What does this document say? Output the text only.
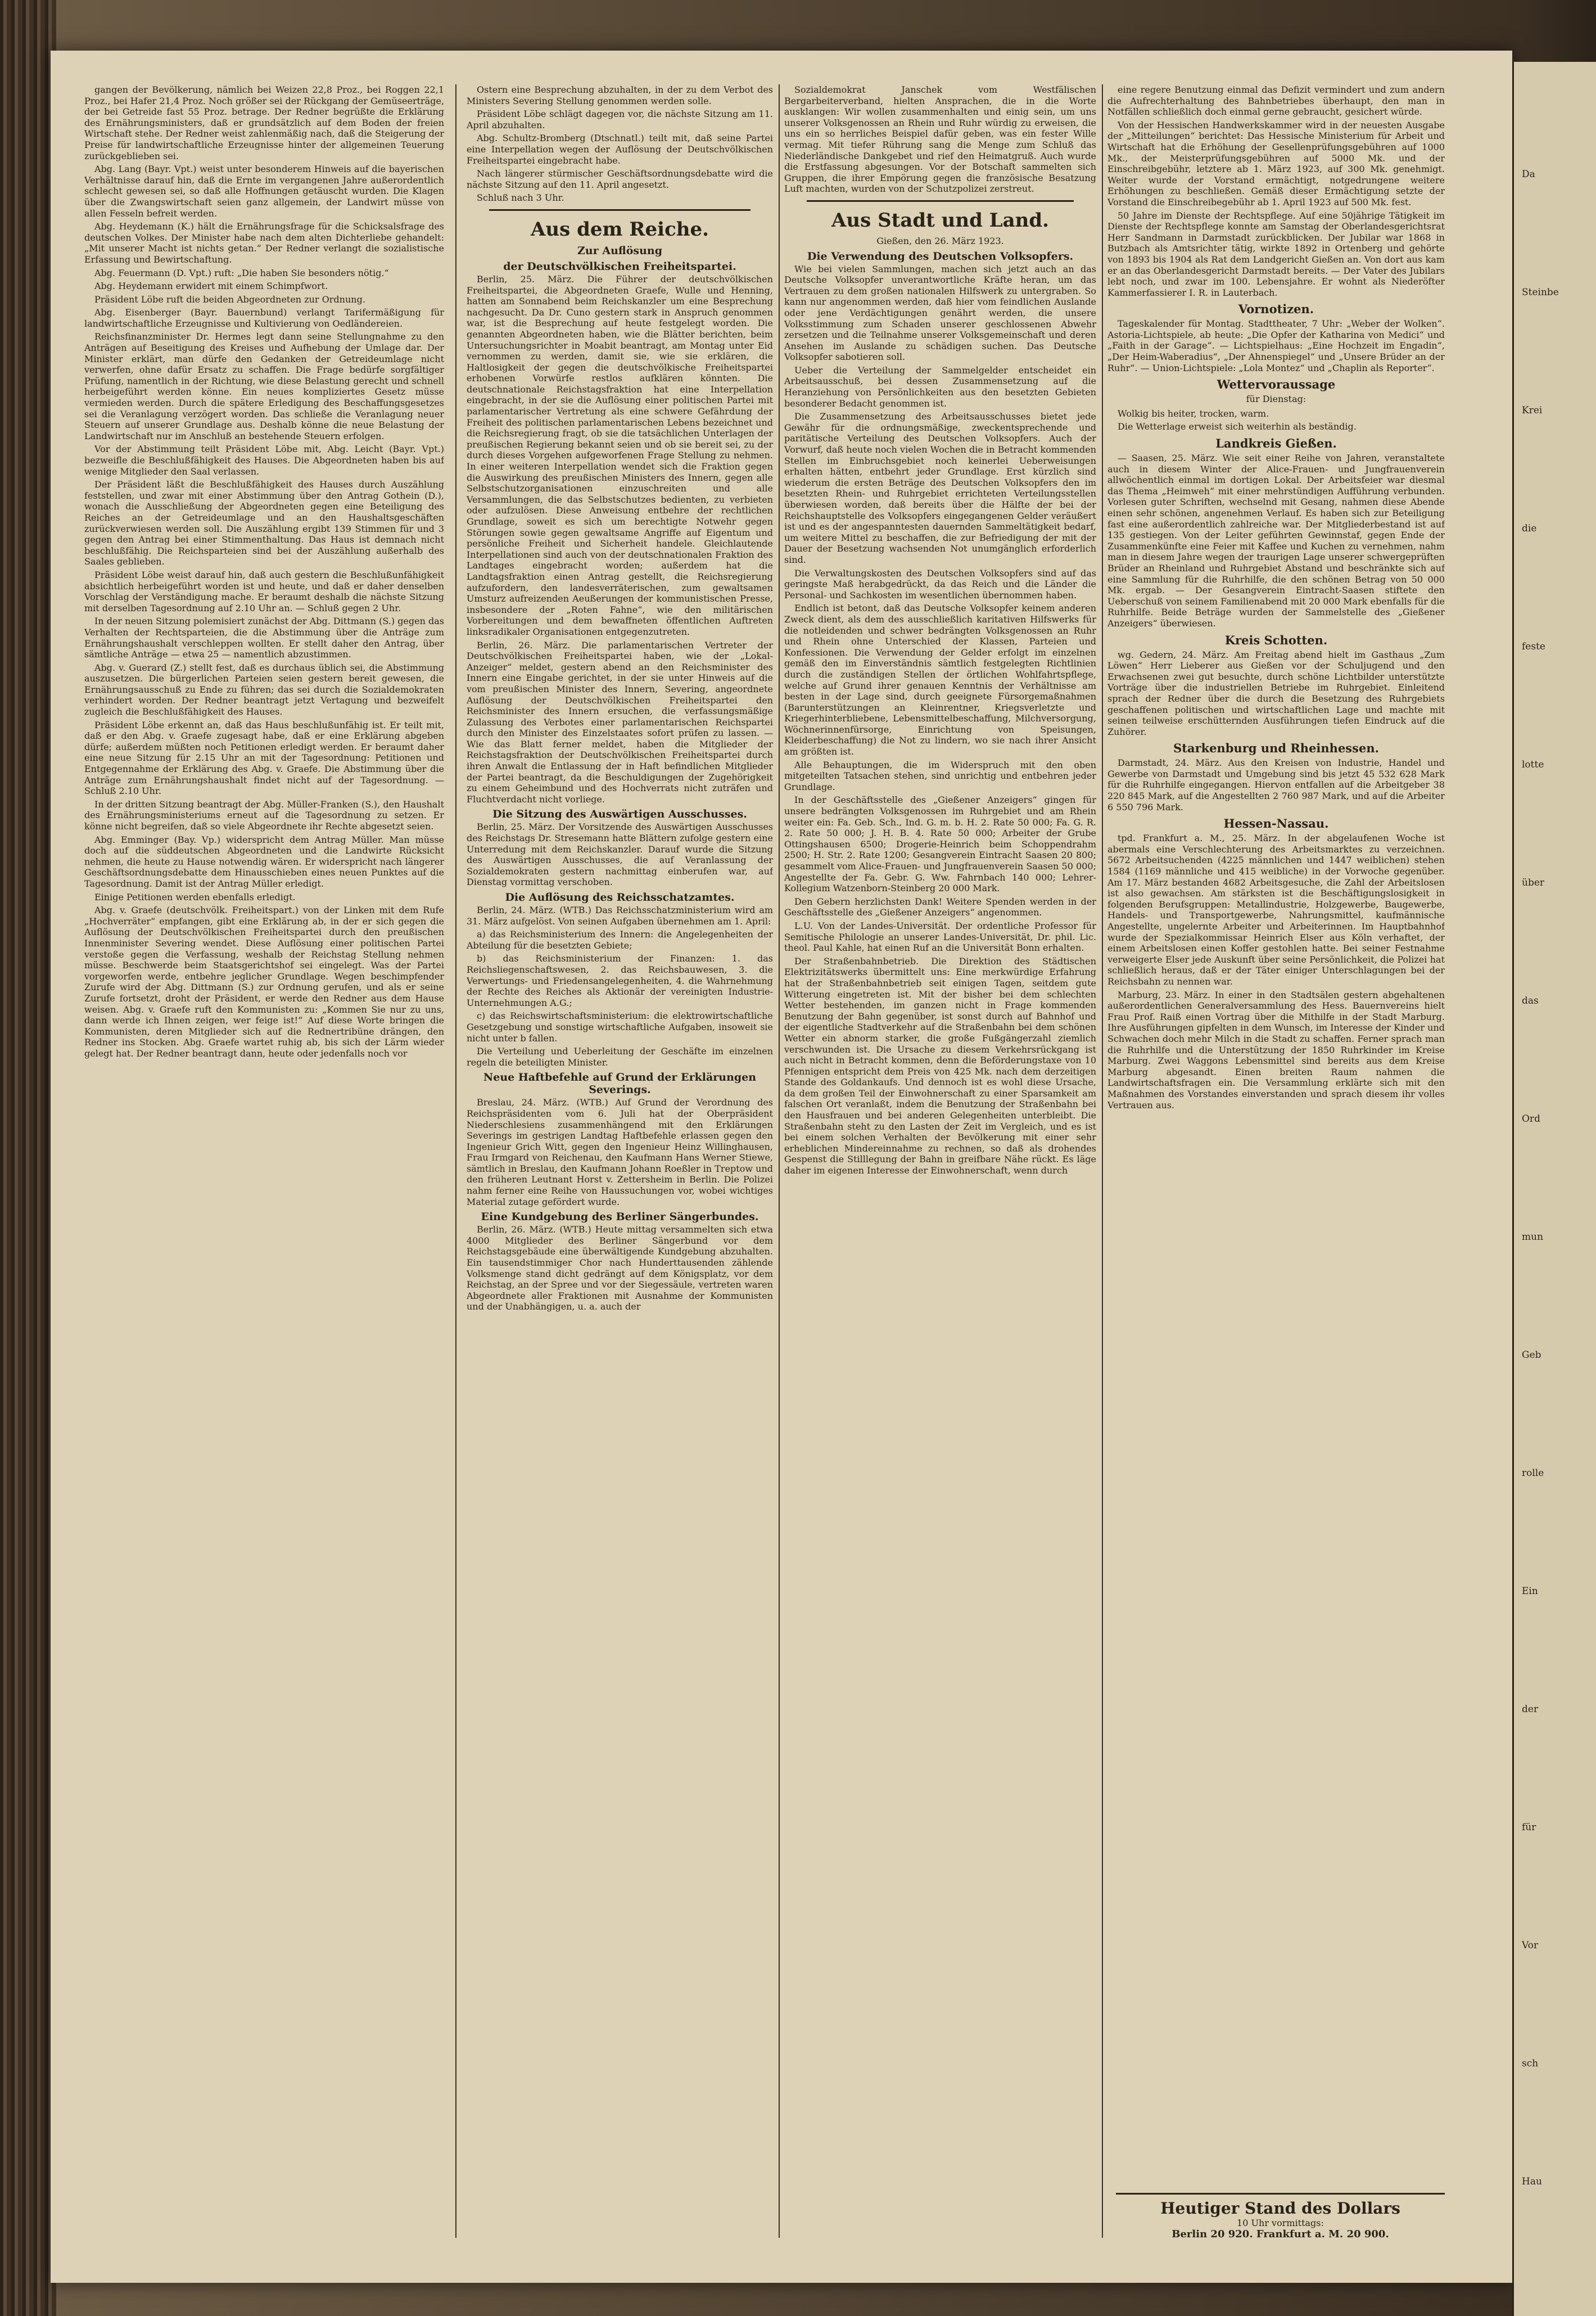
gangen der Bevölkerung, nämlich bei Weizen 22,8 Proz., bei Roggen 22,1 Proz., bei Hafer 21,4 Proz. Noch größer sei der Rückgang der Gemüseerträge, der bei Getreide fast 55 Proz. betrage. Der Redner begrüßte die Erklärung des Ernährungsministers, daß er grundsätzlich auf dem Boden der freien Wirtschaft stehe. Der Redner weist zahlenmäßig nach, daß die Steigerung der Preise für landwirtschaftliche Erzeugnisse hinter der allgemeinen Teuerung zurückgeblieben sei.

Abg. Lang (Bayr. Vpt.) weist unter besonderem Hinweis auf die bayerischen Verhältnisse darauf hin, daß die Ernte im vergangenen Jahre außerordentlich schlecht gewesen sei, so daß alle Hoffnungen getäuscht wurden. Die Klagen über die Zwangswirtschaft seien ganz allgemein, der Landwirt müsse von allen Fesseln befreit werden.

Abg. Heydemann (K.) hält die Ernährungsfrage für die Schicksalsfrage des deutschen Volkes. Der Minister habe nach dem alten Dichterliebe gehandelt: „Mit unserer Macht ist nichts getan.“ Der Redner verlangt die sozialistische Erfassung und Bewirtschaftung.

Abg. Feuermann (D. Vpt.) ruft: „Die haben Sie besonders nötig.“

Abg. Heydemann erwidert mit einem Schimpfwort.

Präsident Löbe ruft die beiden Abgeordneten zur Ordnung.

Abg. Eisenberger (Bayr. Bauernbund) verlangt Tarifermäßigung für landwirtschaftliche Erzeugnisse und Kultivierung von Oedländereien.

Reichsfinanzminister Dr. Hermes legt dann seine Stellungnahme zu den Anträgen auf Beseitigung des Kreises und Aufhebung der Umlage dar. Der Minister erklärt, man dürfe den Gedanken der Getreideumlage nicht verwerfen, ohne dafür Ersatz zu schaffen. Die Frage bedürfe sorgfältiger Prüfung, namentlich in der Richtung, wie diese Belastung gerecht und schnell herbeigeführt werden könne. Ein neues kompliziertes Gesetz müsse vermieden werden. Durch die spätere Erledigung des Beschaffungsgesetzes sei die Veranlagung verzögert worden. Das schließe die Veranlagung neuer Steuern auf unserer Grundlage aus. Deshalb könne die neue Belastung der Landwirtschaft nur im Anschluß an bestehende Steuern erfolgen.

Vor der Abstimmung teilt Präsident Löbe mit, Abg. Leicht (Bayr. Vpt.) bezweifle die Beschlußfähigkeit des Hauses. Die Abgeordneten haben bis auf wenige Mitglieder den Saal verlassen.

Der Präsident läßt die Beschlußfähigkeit des Hauses durch Auszählung feststellen, und zwar mit einer Abstimmung über den Antrag Gothein (D.), wonach die Ausschließung der Abgeordneten gegen eine Beteiligung des Reiches an der Getreideumlage und an den Haushaltsgeschäften zurückverwiesen werden soll. Die Auszählung ergibt 139 Stimmen für und 3 gegen den Antrag bei einer Stimmenthaltung. Das Haus ist demnach nicht beschlußfähig. Die Reichsparteien sind bei der Auszählung außerhalb des Saales geblieben.

Präsident Löbe weist darauf hin, daß auch gestern die Beschlußunfähigkeit absichtlich herbeigeführt worden ist und heute, und daß er daher denselben Vorschlag der Verständigung mache. Er beraumt deshalb die nächste Sitzung mit derselben Tagesordnung auf 2.10 Uhr an. — Schluß gegen 2 Uhr.

In der neuen Sitzung polemisiert zunächst der Abg. Dittmann (S.) gegen das Verhalten der Rechtsparteien, die die Abstimmung über die Anträge zum Ernährungshaushalt verschleppen wollten. Er stellt daher den Antrag, über sämtliche Anträge — etwa 25 — namentlich abzustimmen.

Abg. v. Guerard (Z.) stellt fest, daß es durchaus üblich sei, die Abstimmung auszusetzen. Die bürgerlichen Parteien seien gestern bereit gewesen, die Ernährungsausschuß zu Ende zu führen; das sei durch die Sozialdemokraten verhindert worden. Der Redner beantragt jetzt Vertagung und bezweifelt zugleich die Beschlußfähigkeit des Hauses.

Präsident Löbe erkennt an, daß das Haus beschlußunfähig ist. Er teilt mit, daß er den Abg. v. Graefe zugesagt habe, daß er eine Erklärung abgeben dürfe; außerdem müßten noch Petitionen erledigt werden. Er beraumt daher eine neue Sitzung für 2.15 Uhr an mit der Tagesordnung: Petitionen und Entgegennahme der Erklärung des Abg. v. Graefe. Die Abstimmung über die Anträge zum Ernährungshaushalt findet nicht auf der Tagesordnung. — Schluß 2.10 Uhr.

In der dritten Sitzung beantragt der Abg. Müller-Franken (S.), den Haushalt des Ernährungsministeriums erneut auf die Tagesordnung zu setzen. Er könne nicht begreifen, daß so viele Abgeordnete ihr Rechte abgesetzt seien.

Abg. Emminger (Bay. Vp.) widerspricht dem Antrag Müller. Man müsse doch auf die süddeutschen Abgeordneten und die Landwirte Rücksicht nehmen, die heute zu Hause notwendig wären. Er widerspricht nach längerer Geschäftsordnungsdebatte dem Hinausschieben eines neuen Punktes auf die Tagesordnung. Damit ist der Antrag Müller erledigt.

Einige Petitionen werden ebenfalls erledigt.

Abg. v. Graefe (deutschvölk. Freiheitspart.) von der Linken mit dem Rufe „Hochverräter“ empfangen, gibt eine Erklärung ab, in der er sich gegen die Auflösung der Deutschvölkischen Freiheitspartei durch den preußischen Innenminister Severing wendet. Diese Auflösung einer politischen Partei verstoße gegen die Verfassung, weshalb der Reichstag Stellung nehmen müsse. Beschwerde beim Staatsgerichtshof sei eingelegt. Was der Partei vorgeworfen werde, entbehre jeglicher Grundlage. Wegen beschimpfender Zurufe wird der Abg. Dittmann (S.) zur Ordnung gerufen, und als er seine Zurufe fortsetzt, droht der Präsident, er werde den Redner aus dem Hause weisen. Abg. v. Graefe ruft den Kommunisten zu: „Kommen Sie nur zu uns, dann werde ich Ihnen zeigen, wer feige ist!“ Auf diese Worte bringen die Kommunisten, deren Mitglieder sich auf die Rednertribüne drängen, den Redner ins Stocken. Abg. Graefe wartet ruhig ab, bis sich der Lärm wieder gelegt hat. Der Redner beantragt dann, heute oder jedenfalls noch vor

Ostern eine Besprechung abzuhalten, in der zu dem Verbot des Ministers Severing Stellung genommen werden solle.

Präsident Löbe schlägt dagegen vor, die nächste Sitzung am 11. April abzuhalten.

Abg. Schultz-Bromberg (Dtschnatl.) teilt mit, daß seine Partei eine Interpellation wegen der Auflösung der Deutschvölkischen Freiheitspartei eingebracht habe.

Nach längerer stürmischer Geschäftsordnungsdebatte wird die nächste Sitzung auf den 11. April angesetzt.

Schluß nach 3 Uhr.

Aus dem Reiche.
Zur Auflösung
der Deutschvölkischen Freiheitspartei.

Berlin, 25. März. Die Führer der deutschvölkischen Freiheitspartei, die Abgeordneten Graefe, Wulle und Henning, hatten am Sonnabend beim Reichskanzler um eine Besprechung nachgesucht. Da Dr. Cuno gestern stark in Anspruch genommen war, ist die Besprechung auf heute festgelegt worden. Die genannten Abgeordneten haben, wie die Blätter berichten, beim Untersuchungsrichter in Moabit beantragt, am Montag unter Eid vernommen zu werden, damit sie, wie sie erklären, die Haltlosigkeit der gegen die deutschvölkische Freiheitspartei erhobenen Vorwürfe restlos aufklären könnten. Die deutschnationale Reichstagsfraktion hat eine Interpellation eingebracht, in der sie die Auflösung einer politischen Partei mit parlamentarischer Vertretung als eine schwere Gefährdung der Freiheit des politischen parlamentarischen Lebens bezeichnet und die Reichsregierung fragt, ob sie die tatsächlichen Unterlagen der preußischen Regierung bekannt seien und ob sie bereit sei, zu der durch dieses Vorgehen aufgeworfenen Frage Stellung zu nehmen. In einer weiteren Interpellation wendet sich die Fraktion gegen die Auswirkung des preußischen Ministers des Innern, gegen alle Selbstschutzorganisationen einzuschreiten und alle Versammlungen, die das Selbstschutzes bedienten, zu verbieten oder aufzulösen. Diese Anweisung entbehre der rechtlichen Grundlage, soweit es sich um berechtigte Notwehr gegen Störungen sowie gegen gewaltsame Angriffe auf Eigentum und persönliche Freiheit und Sicherheit handele. Gleichlautende Interpellationen sind auch von der deutschnationalen Fraktion des Landtages eingebracht worden; außerdem hat die Landtagsfraktion einen Antrag gestellt, die Reichsregierung aufzufordern, den landesverräterischen, zum gewaltsamen Umsturz aufreizenden Aeußerungen der kommunistischen Presse, insbesondere der „Roten Fahne“, wie den militärischen Vorbereitungen und dem bewaffneten öffentlichen Auftreten linksradikaler Organisationen entgegenzutreten.

Berlin, 26. März. Die parlamentarischen Vertreter der Deutschvölkischen Freiheitspartei haben, wie der „Lokal-Anzeiger“ meldet, gestern abend an den Reichsminister des Innern eine Eingabe gerichtet, in der sie unter Hinweis auf die vom preußischen Minister des Innern, Severing, angeordnete Auflösung der Deutschvölkischen Freiheitspartei den Reichsminister des Innern ersuchen, die verfassungsmäßige Zulassung des Verbotes einer parlamentarischen Reichspartei durch den Minister des Einzelstaates sofort prüfen zu lassen. — Wie das Blatt ferner meldet, haben die Mitglieder der Reichstagsfraktion der Deutschvölkischen Freiheitspartei durch ihren Anwalt die Entlassung der in Haft befindlichen Mitglieder der Partei beantragt, da die Beschuldigungen der Zugehörigkeit zu einem Geheimbund und des Hochverrats nicht zuträfen und Fluchtverdacht nicht vorliege.

Die Sitzung des Auswärtigen Ausschusses.

Berlin, 25. März. Der Vorsitzende des Auswärtigen Ausschusses des Reichstags Dr. Stresemann hatte Blättern zufolge gestern eine Unterredung mit dem Reichskanzler. Darauf wurde die Sitzung des Auswärtigen Ausschusses, die auf Veranlassung der Sozialdemokraten gestern nachmittag einberufen war, auf Dienstag vormittag verschoben.

Die Auflösung des Reichsschatzamtes.

Berlin, 24. März. (WTB.) Das Reichsschatzministerium wird am 31. März aufgelöst. Von seinen Aufgaben übernehmen am 1. April:

a) das Reichsministerium des Innern: die Angelegenheiten der Abteilung für die besetzten Gebiete;

b) das Reichsministerium der Finanzen: 1. das Reichsliegenschaftswesen, 2. das Reichsbauwesen, 3. die Verwertungs- und Friedensangelegenheiten, 4. die Wahrnehmung der Rechte des Reiches als Aktionär der vereinigten Industrie-Unternehmungen A.G.;

c) das Reichswirtschaftsministerium: die elektrowirtschaftliche Gesetzgebung und sonstige wirtschaftliche Aufgaben, insoweit sie nicht unter b fallen.

Die Verteilung und Ueberleitung der Geschäfte im einzelnen regeln die beteiligten Minister.

Neue Haftbefehle auf Grund der Erklärungen Severings.

Breslau, 24. März. (WTB.) Auf Grund der Verordnung des Reichspräsidenten vom 6. Juli hat der Oberpräsident Niederschlesiens zusammenhängend mit den Erklärungen Severings im gestrigen Landtag Haftbefehle erlassen gegen den Ingenieur Grich Witt, gegen den Ingenieur Heinz Willinghausen, Frau Irmgard von Reichenau, den Kaufmann Hans Werner Stiewe, sämtlich in Breslau, den Kaufmann Johann Roeßler in Treptow und den früheren Leutnant Horst v. Zettersheim in Berlin. Die Polizei nahm ferner eine Reihe von Haussuchungen vor, wobei wichtiges Material zutage gefördert wurde.

Eine Kundgebung des Berliner Sängerbundes.

Berlin, 26. März. (WTB.) Heute mittag versammelten sich etwa 4000 Mitglieder des Berliner Sängerbund vor dem Reichstagsgebäude eine überwältigende Kundgebung abzuhalten. Ein tausendstimmiger Chor nach Hunderttausenden zählende Volksmenge stand dicht gedrängt auf dem Königsplatz, vor dem Reichstag, an der Spree und vor der Siegessäule, vertreten waren Abgeordnete aller Fraktionen mit Ausnahme der Kommunisten und der Unabhängigen, u. a. auch der

Sozialdemokrat Janschek vom Westfälischen Bergarbeiterverband, hielten Ansprachen, die in die Worte ausklangen: Wir wollen zusammenhalten und einig sein, um uns unserer Volksgenossen an Rhein und Ruhr würdig zu erweisen, die uns ein so herrliches Beispiel dafür geben, was ein fester Wille vermag. Mit tiefer Rührung sang die Menge zum Schluß das Niederländische Dankgebet und rief den Heimatgruß. Auch wurde die Erstfassung abgesungen. Vor der Botschaft sammelten sich Gruppen, die ihrer Empörung gegen die französische Besatzung Luft machten, wurden von der Schutzpolizei zerstreut.

Aus Stadt und Land.
Gießen, den 26. März 1923.
Die Verwendung des Deutschen Volksopfers.

Wie bei vielen Sammlungen, machen sich jetzt auch an das Deutsche Volksopfer unverantwortliche Kräfte heran, um das Vertrauen zu dem großen nationalen Hilfswerk zu untergraben. So kann nur angenommen werden, daß hier vom feindlichen Auslande oder jene Verdächtigungen genährt werden, die unsere Volksstimmung zum Schaden unserer geschlossenen Abwehr zersetzen und die Teilnahme unserer Volksgemeinschaft und deren Ansehen im Auslande zu schädigen suchen. Das Deutsche Volksopfer sabotieren soll.

Ueber die Verteilung der Sammelgelder entscheidet ein Arbeitsausschuß, bei dessen Zusammensetzung auf die Heranziehung von Persönlichkeiten aus den besetzten Gebieten besonderer Bedacht genommen ist.

Die Zusammensetzung des Arbeitsausschusses bietet jede Gewähr für die ordnungsmäßige, zweckentsprechende und paritätische Verteilung des Deutschen Volksopfers. Auch der Vorwurf, daß heute noch vielen Wochen die in Betracht kommenden Stellen im Einbruchsgebiet noch keinerlei Ueberweisungen erhalten hätten, entbehrt jeder Grundlage. Erst kürzlich sind wiederum die ersten Beträge des Deutschen Volksopfers den im besetzten Rhein- und Ruhrgebiet errichteten Verteilungsstellen überwiesen worden, daß bereits über die Hälfte der bei der Reichshauptstelle des Volksopfers eingegangenen Gelder veräußert ist und es der angespanntesten dauernden Sammeltätigkeit bedarf, um weitere Mittel zu beschaffen, die zur Befriedigung der mit der Dauer der Besetzung wachsenden Not unumgänglich erforderlich sind.

Die Verwaltungskosten des Deutschen Volksopfers sind auf das geringste Maß herabgedrückt, da das Reich und die Länder die Personal- und Sachkosten im wesentlichen übernommen haben.

Endlich ist betont, daß das Deutsche Volksopfer keinem anderen Zweck dient, als dem des ausschließlich karitativen Hilfswerks für die notleidenden und schwer bedrängten Volksgenossen an Ruhr und Rhein ohne Unterschied der Klassen, Parteien und Konfessionen. Die Verwendung der Gelder erfolgt im einzelnen gemäß den im Einverständnis sämtlich festgelegten Richtlinien durch die zuständigen Stellen der örtlichen Wohlfahrtspflege, welche auf Grund ihrer genauen Kenntnis der Verhältnisse am besten in der Lage sind, durch geeignete Fürsorgemaßnahmen (Barunterstützungen an Kleinrentner, Kriegsverletzte und Kriegerhinterbliebene, Lebensmittelbeschaffung, Milchversorgung, Wöchnerinnenfürsorge, Einrichtung von Speisungen, Kleiderbeschaffung) die Not zu lindern, wo sie nach ihrer Ansicht am größten ist.

Alle Behauptungen, die im Widerspruch mit den oben mitgeteilten Tatsachen stehen, sind unrichtig und entbehren jeder Grundlage.

In der Geschäftsstelle des „Gießener Anzeigers“ gingen für unsere bedrängten Volksgenossen im Ruhrgebiet und am Rhein weiter ein: Fa. Geb. Sch., Ind. G. m. b. H. 2. Rate 50 000; Fa. G. R. 2. Rate 50 000; J. H. B. 4. Rate 50 000; Arbeiter der Grube Ottingshausen 6500; Drogerie-Heinrich beim Schoppendrahm 2500; H. Str. 2. Rate 1200; Gesangverein Eintracht Saasen 20 800; gesammelt vom Alice-Frauen- und Jungfrauenverein Saasen 50 000; Angestellte der Fa. Gebr. G. Ww. Fahrnbach 140 000; Lehrer-Kollegium Watzenborn-Steinberg 20 000 Mark.

Den Gebern herzlichsten Dank! Weitere Spenden werden in der Geschäftsstelle des „Gießener Anzeigers“ angenommen.

L.U. Von der Landes-Universität. Der ordentliche Professor für Semitische Philologie an unserer Landes-Universität, Dr. phil. Lic. theol. Paul Kahle, hat einen Ruf an die Universität Bonn erhalten.

Der Straßenbahnbetrieb. Die Direktion des Städtischen Elektrizitätswerks übermittelt uns: Eine merkwürdige Erfahrung hat der Straßenbahnbetrieb seit einigen Tagen, seitdem gute Witterung eingetreten ist. Mit der bisher bei dem schlechten Wetter bestehenden, im ganzen nicht in Frage kommenden Benutzung der Bahn gegenüber, ist sonst durch auf Bahnhof und der eigentliche Stadtverkehr auf die Straßenbahn bei dem schönen Wetter ein abnorm starker, die große Fußgängerzahl ziemlich verschwunden ist. Die Ursache zu diesem Verkehrsrückgang ist auch nicht in Betracht kommen, denn die Beförderungstaxe von 10 Pfennigen entspricht dem Preis von 425 Mk. nach dem derzeitigen Stande des Goldankaufs. Und dennoch ist es wohl diese Ursache, da dem großen Teil der Einwohnerschaft zu einer Sparsamkeit am falschen Ort veranlaßt, indem die Benutzung der Straßenbahn bei den Hausfrauen und bei anderen Gelegenheiten unterbleibt. Die Straßenbahn steht zu den Lasten der Zeit im Vergleich, und es ist bei einem solchen Verhalten der Bevölkerung mit einer sehr erheblichen Mindereinnahme zu rechnen, so daß als drohendes Gespenst die Stilllegung der Bahn in greifbare Nähe rückt. Es läge daher im eigenen Interesse der Einwohnerschaft, wenn durch

eine regere Benutzung einmal das Defizit vermindert und zum andern die Aufrechterhaltung des Bahnbetriebes überhaupt, den man in Notfällen schließlich doch einmal gerne gebraucht, gesichert würde.

Von der Hessischen Handwerkskammer wird in der neuesten Ausgabe der „Mitteilungen“ berichtet: Das Hessische Ministerium für Arbeit und Wirtschaft hat die Erhöhung der Gesellenprüfungsgebühren auf 1000 Mk., der Meisterprüfungsgebühren auf 5000 Mk. und der Einschreibgebühr, letztere ab 1. März 1923, auf 300 Mk. genehmigt. Weiter wurde der Vorstand ermächtigt, notgedrungene weitere Erhöhungen zu beschließen. Gemäß dieser Ermächtigung setzte der Vorstand die Einschreibegebühr ab 1. April 1923 auf 500 Mk. fest.

50 Jahre im Dienste der Rechtspflege. Auf eine 50jährige Tätigkeit im Dienste der Rechtspflege konnte am Samstag der Oberlandesgerichtsrat Herr Sandmann in Darmstadt zurückblicken. Der Jubilar war 1868 in Butzbach als Amtsrichter tätig, wirkte 1892 in Ortenberg und gehörte von 1893 bis 1904 als Rat dem Landgericht Gießen an. Von dort aus kam er an das Oberlandesgericht Darmstadt bereits. — Der Vater des Jubilars lebt noch, und zwar im 100. Lebensjahre. Er wohnt als Niederöfter Kammerfassierer I. R. in Lauterbach.

Vornotizen.

Tageskalender für Montag. Stadttheater, 7 Uhr: „Weber der Wolken“. Astoria-Lichtspiele, ab heute: „Die Opfer der Katharina von Medici“ und „Faith in der Garage“. — Lichtspielhaus: „Eine Hochzeit im Engadin“, „Der Heim-Waberadius“, „Der Ahnenspiegel“ und „Unsere Brüder an der Ruhr“. — Union-Lichtspiele: „Lola Montez“ und „Chaplin als Reporter“.

Wettervoraussage
für Dienstag:

Wolkig bis heiter, trocken, warm.

Die Wetterlage erweist sich weiterhin als beständig.

Landkreis Gießen.

— Saasen, 25. März. Wie seit einer Reihe von Jahren, veranstaltete auch in diesem Winter der Alice-Frauen- und Jungfrauenverein allwöchentlich einmal im dortigen Lokal. Der Arbeitsfeier war diesmal das Thema „Heimweh“ mit einer mehrstündigen Aufführung verbunden. Vorlesen guter Schriften, wechselnd mit Gesang, nahmen diese Abende einen sehr schönen, angenehmen Verlauf. Es haben sich zur Beteiligung fast eine außerordentlich zahlreiche war. Der Mitgliederbestand ist auf 135 gestiegen. Von der Leiter geführten Gewinnstaf, gegen Ende der Zusammenkünfte eine Feier mit Kaffee und Kuchen zu vernehmen, nahm man in diesem Jahre wegen der traurigen Lage unserer schwergeprüften Brüder an Rheinland und Ruhrgebiet Abstand und beschränkte sich auf eine Sammlung für die Ruhrhilfe, die den schönen Betrag von 50 000 Mk. ergab. — Der Gesangverein Eintracht-Saasen stiftete den Ueberschuß von seinem Familienabend mit 20 000 Mark ebenfalls für die Ruhrhilfe. Beide Beträge wurden der Sammelstelle des „Gießener Anzeigers“ überwiesen.

Kreis Schotten.

wg. Gedern, 24. März. Am Freitag abend hielt im Gasthaus „Zum Löwen“ Herr Lieberer aus Gießen vor der Schuljugend und den Erwachsenen zwei gut besuchte, durch schöne Lichtbilder unterstützte Vorträge über die industriellen Betriebe im Ruhrgebiet. Einleitend sprach der Redner über die durch die Besetzung des Ruhrgebiets geschaffenen politischen und wirtschaftlichen Lage und machte mit seinen teilweise erschütternden Ausführungen tiefen Eindruck auf die Zuhörer.

Starkenburg und Rheinhessen.

Darmstadt, 24. März. Aus den Kreisen von Industrie, Handel und Gewerbe von Darmstadt und Umgebung sind bis jetzt 45 532 628 Mark für die Ruhrhilfe eingegangen. Hiervon entfallen auf die Arbeitgeber 38 220 845 Mark, auf die Angestellten 2 760 987 Mark, und auf die Arbeiter 6 550 796 Mark.

Hessen-Nassau.

tpd. Frankfurt a. M., 25. März. In der abgelaufenen Woche ist abermals eine Verschlechterung des Arbeitsmarktes zu verzeichnen. 5672 Arbeitsuchenden (4225 männlichen und 1447 weiblichen) stehen 1584 (1169 männliche und 415 weibliche) in der Vorwoche gegenüber. Am 17. März bestanden 4682 Arbeitsgesuche, die Zahl der Arbeitslosen ist also gewachsen. Am stärksten ist die Beschäftigungslosigkeit in folgenden Berufsgruppen: Metallindustrie, Holzgewerbe, Baugewerbe, Handels- und Transportgewerbe, Nahrungsmittel, kaufmännische Angestellte, ungelernte Arbeiter und Arbeiterinnen. Im Hauptbahnhof wurde der Spezialkommissar Heinrich Elser aus Köln verhaftet, der einem Arbeitslosen einen Koffer gestohlen hatte. Bei seiner Festnahme verweigerte Elser jede Auskunft über seine Persönlichkeit, die Polizei hat schließlich heraus, daß er der Täter einiger Unterschlagungen bei der Reichsbahn zu nennen war.

Marburg, 23. März. In einer in den Stadtsälen gestern abgehaltenen außerordentlichen Generalversammlung des Hess. Bauernvereins hielt Frau Prof. Raiß einen Vortrag über die Mithilfe in der Stadt Marburg. Ihre Ausführungen gipfelten in dem Wunsch, im Interesse der Kinder und Schwachen doch mehr Milch in die Stadt zu schaffen. Ferner sprach man die Ruhrhilfe und die Unterstützung der 1850 Ruhrkinder im Kreise Marburg. Zwei Waggons Lebensmittel sind bereits aus dem Kreise Marburg abgesandt. Einen breiten Raum nahmen die Landwirtschaftsfragen ein. Die Versammlung erklärte sich mit den Maßnahmen des Vorstandes einverstanden und sprach diesem ihr volles Vertrauen aus.

Heutiger Stand des Dollars
10 Uhr vormittags:
Berlin 20 920. Frankfurt a. M. 20 900.
Da
Steinbe
Krei
die
feste
lotte
über
das
Ord
mun
Geb
rolle
Ein
der
für
Vor
sch
Hau
